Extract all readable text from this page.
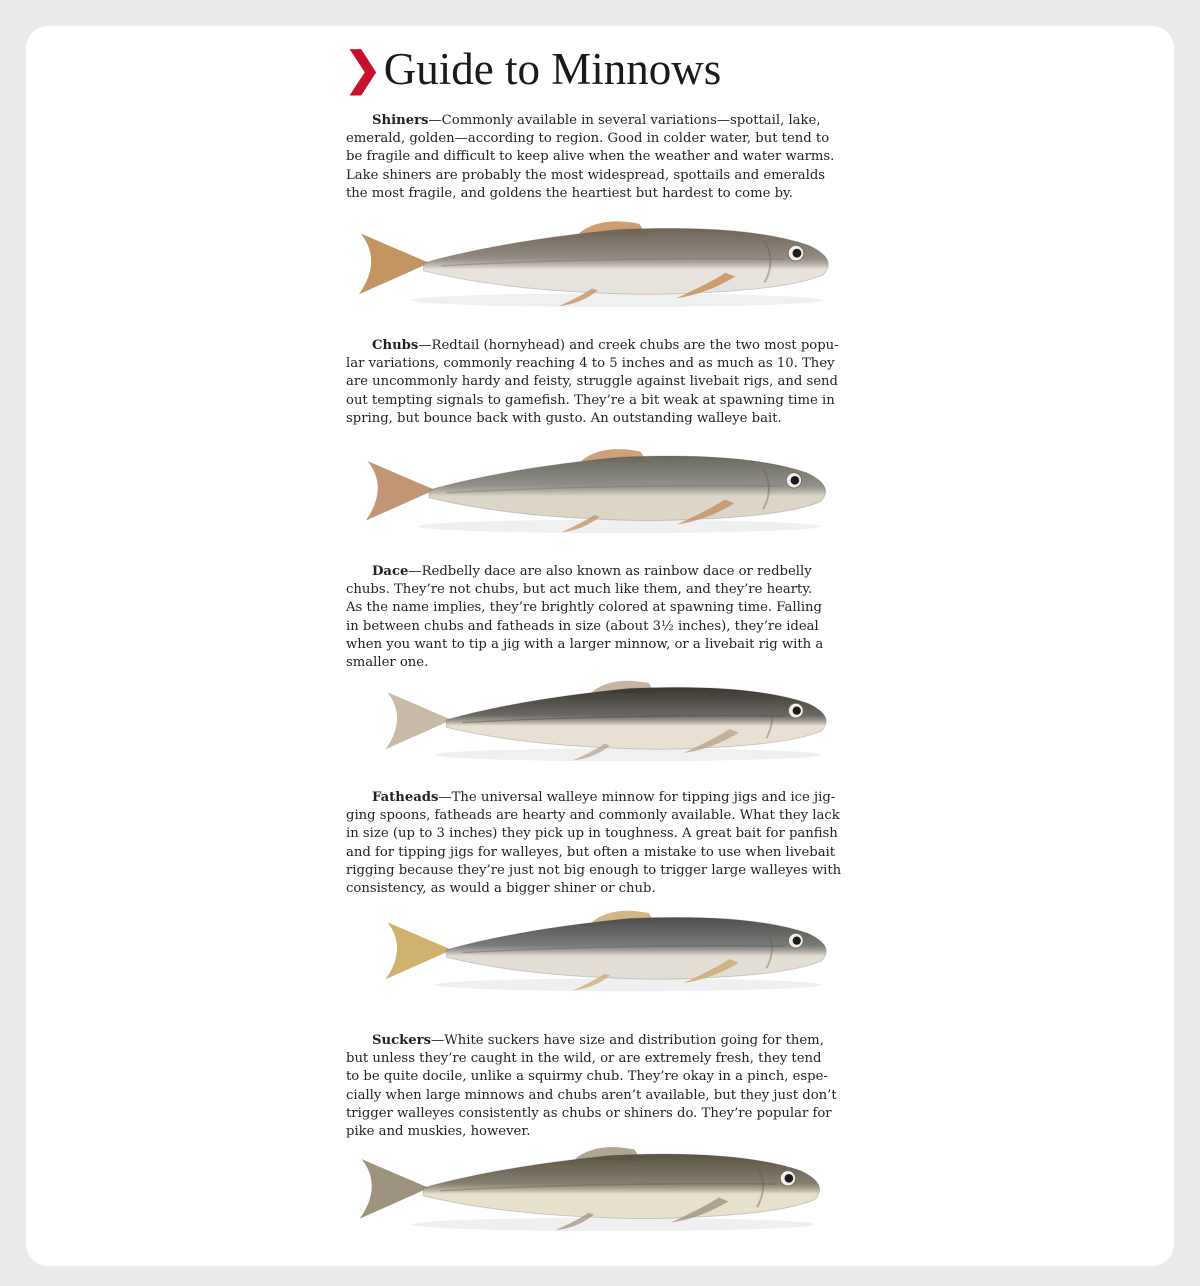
❯Guide to Minnows

Shiners—Commonly available in several variations—spottail, lake,
emerald, golden—according to region. Good in colder water, but tend to
be fragile and difficult to keep alive when the weather and water warms.
Lake shiners are probably the most widespread, spottails and emeralds
the most fragile, and goldens the heartiest but hardest to come by.

Chubs—Redtail (hornyhead) and creek chubs are the two most popu-
lar variations, commonly reaching 4 to 5 inches and as much as 10. They
are uncommonly hardy and feisty, struggle against livebait rigs, and send
out tempting signals to gamefish. They’re a bit weak at spawning time in
spring, but bounce back with gusto. An outstanding walleye bait.

Dace—Redbelly dace are also known as rainbow dace or redbelly
chubs. They’re not chubs, but act much like them, and they’re hearty.
As the name implies, they’re brightly colored at spawning time. Falling
in between chubs and fatheads in size (about 3½ inches), they’re ideal
when you want to tip a jig with a larger minnow, or a livebait rig with a
smaller one.

Fatheads—The universal walleye minnow for tipping jigs and ice jig-
ging spoons, fatheads are hearty and commonly available. What they lack
in size (up to 3 inches) they pick up in toughness. A great bait for panfish
and for tipping jigs for walleyes, but often a mistake to use when livebait
rigging because they’re just not big enough to trigger large walleyes with
consistency, as would a bigger shiner or chub.

Suckers—White suckers have size and distribution going for them,
but unless they’re caught in the wild, or are extremely fresh, they tend
to be quite docile, unlike a squirmy chub. They’re okay in a pinch, espe-
cially when large minnows and chubs aren’t available, but they just don’t
trigger walleyes consistently as chubs or shiners do. They’re popular for
pike and muskies, however.
